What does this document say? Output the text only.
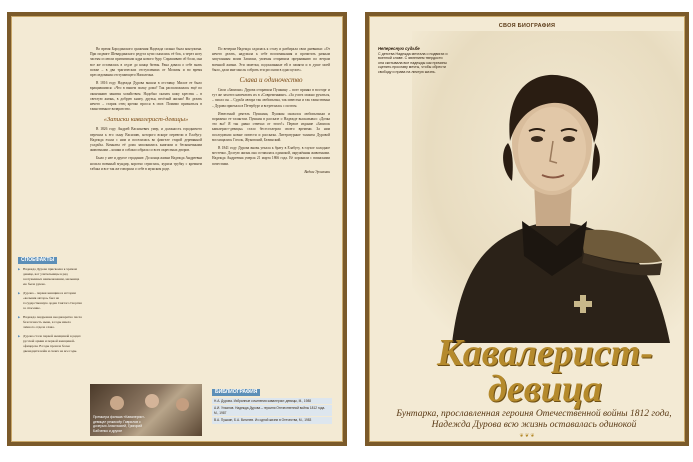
Во время Бородинского сражения Надежда сильно была контужена. При подвиге Шевардинского редута кучи сыпались её бок, а через ногу частям ослепли притягивали ядра нового буру. Спрашиваю об боли, она все же оставалась в седле до конца битвы. Рана давала о себе знать позже – в два трагических отступлениях от Москвы и во время преследования отступающего Наполеона.

В 1816 году Надежда Дурова вышла в отставку. Милое ее было вращавшимся: «Что в вашем полку дома? Так расположилась ещё по окончанию занятия хозяйством. Надобно сказать кожу крестик – в светлую жизнь, в добрую книгу, друзья, весёлый жизни! Но делать нечего – старик отец крепко вросся в свое. Помимо признаться в таинственное возвратство.

«Записки кавалерист-девицы»

В 1826 году Андрей Васильевич умер, и должность городничего перешла к его сыну Василию, которого вскоре перевели в Елабугу. Надежда ехала с ним и поселилась во флигеле старой деревянной усадьбы. Комнаты её дома заполнились книгами и бесконечными животными – кошки и собаки собрала со всех окрестных дворов.

Было у нее и другое страдание. До конца жизни Надежда Андреевна носила военный мундир, коротко стриглась, курила трубку с кремнем табака и все так же говорила о себе в мужском роде.

По вечерам Надежда садилась к столу и разбирала свои дневники: «От нечего делать, надумала к себе воспоминания и прочитать разным запутанным моим Записки, увлекая отправила прерыванию по ветрам военной жизни. Эти заметки, подсказанные ей в памяти и в душе моей было, дали мне мысль собрать эти россыпи в одно целое».

Слава и одиночество

Свои «Записки» Дурова отправила Пушкину – поэт принял в восторг и тут же захотел напечатать их в «Современнике». «За успех можно ручаться, – писал он. – Судьба автора так любопытна, так известна и так таинственна – Дурова приехала в Петербург и встретилась с поэтом.

Известный деятель Пушкина, Пушкин оказался любопытным и поражено ее талантом. Пушкин в рассказе о Надежде высказывал: «Дочка это вы? Я так давно отвечал от этого!» Первое издание «Записок кавалерист-девицы» стало бестселлером своего времени. За ним последовали новые повести и рассказы. Литературные таланты Дуровой восхищались Гоголь, Жуковский, Белинский.

В 1841 году Дурова вновь уехала к брату в Елабугу, в глухое холодное местечко. Долгую жизнь она оставалась одинокой, окружённая животными. Надежда Андреевна умерла 21 марта 1866 года. Её хоронили с воинскими почестями.

Вадим Эрлихман

СПОЕФАКТЫ
▶ Надежда Дурова присвоена к храмам девице, вот учительницы в ряд заслуженных наименовании, мельница ею была рукою.
▶ Дурова – первая женщина в истории «вольник автора» был на государственную орден Святого Георгия за спасение.
▶ Надежда Андреевна неоднократно пасла безотечность ныне, в годы имела личного отдела слава.
▶ Дурова стала первой женщиной в рядах русской армии и первой женщиной-офицером. В годы прошла более двенадцати войн и своих на все годы.
Премьера фильма «Кавалерист-девица» режиссёр Гаврилов с дочерью Анастасией, Григорий Бабченко и другие
БИБЛИОГРАФИЯ
Н.А. Дурова. Избранные сочинения кавалерист-девицы, М., 1988
А.И. Ульянов. Надежда Дурова – героиня Отечественной войны 1812 года. М., 1987
В.А. Пушкин, Б.А. Вигилев. Из одной жизни в Отечества, М., 1983
СВОЯ БИОГРАФИЯ
Непересную судьбе
С детства Надежда мечтала о подвигах и военной славе. С явлением твердости она скитывала все надежды как причины сценить прославу мечты, чтобы обрести свободу и права на личную жизнь.
Кавалерист-
девица
Бунтарка, прославленная героиня Отечественной войны 1812 года, Надежда Дурова всю жизнь оставалась одинокой
❦ ❦ ❦
